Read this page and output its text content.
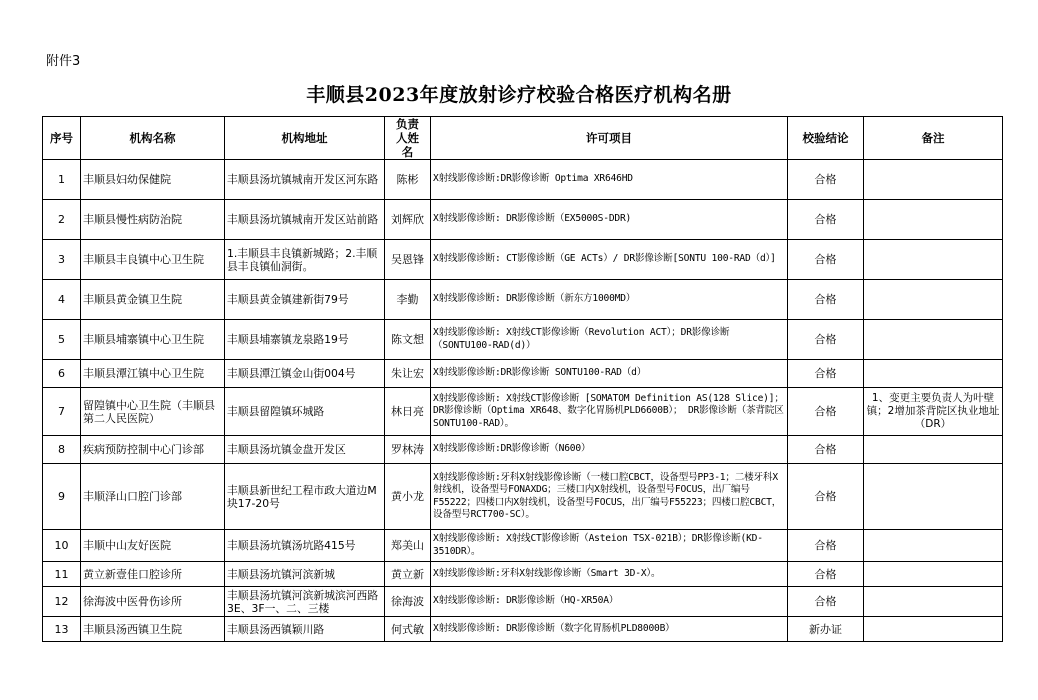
附件3
丰顺县2023年度放射诊疗校验合格医疗机构名册
序号	机构名称	机构地址	负责人姓名	许可项目	校验结论	备注
1	丰顺县妇幼保健院	丰顺县汤坑镇城南开发区河东路	陈彬	X射线影像诊断:DR影像诊断 Optima XR646HD	合格	
2	丰顺县慢性病防治院	丰顺县汤坑镇城南开发区站前路	刘辉欣	X射线影像诊断: DR影像诊断（EX5000S-DDR)	合格	
3	丰顺县丰良镇中心卫生院	1.丰顺县丰良镇新城路；2.丰顺县丰良镇仙洞街。	吴恩锋	X射线影像诊断: CT影像诊断（GE ACTs）/ DR影像诊断[SONTU 100-RAD（d）]	合格	
4	丰顺县黄金镇卫生院	丰顺县黄金镇建新街79号	李勤	X射线影像诊断: DR影像诊断（新东方1000MD）	合格	
5	丰顺县埔寨镇中心卫生院	丰顺县埔寨镇龙泉路19号	陈文想	X射线影像诊断: X射线CT影像诊断（Revolution ACT）；DR影像诊断（SONTU100-RAD(d)）	合格	
6	丰顺县潭江镇中心卫生院	丰顺县潭江镇金山街004号	朱让宏	X射线影像诊断:DR影像诊断 SONTU100-RAD（d）	合格	
7	留隍镇中心卫生院（丰顺县第二人民医院）	丰顺县留隍镇环城路	林日亮	X射线影像诊断: X射线CT影像诊断 [SOMATOM Definition AS(128 Slice)]； DR影像诊断（Optima XR648、数字化胃肠机PLD6600B）； DR影像诊断（茶背院区 SONTU100-RAD）。	合格	1、变更主要负责人为叶壁镇；2增加茶背院区执业地址（DR）
8	疾病预防控制中心门诊部	丰顺县汤坑镇金盘开发区	罗林涛	X射线影像诊断:DR影像诊断（N600）	合格	
9	丰顺泽山口腔门诊部	丰顺县新世纪工程市政大道边M块17-20号	黄小龙	X射线影像诊断:牙科X射线影像诊断（一楼口腔CBCT，设备型号PP3-1；二楼牙科X射线机，设备型号FONAXDG；三楼口内X射线机，设备型号FOCUS，出厂编号F55222；四楼口内X射线机，设备型号FOCUS，出厂编号F55223；四楼口腔CBCT，设备型号RCT700-SC）。	合格	
10	丰顺中山友好医院	丰顺县汤坑镇汤坑路415号	郑美山	X射线影像诊断: X射线CT影像诊断（Asteion TSX-021B）；DR影像诊断(KD-3510DR）。	合格	
11	黄立新壹佳口腔诊所	丰顺县汤坑镇河滨新城	黄立新	X射线影像诊断:牙科X射线影像诊断（Smart 3D-X）。	合格	
12	徐海波中医骨伤诊所	丰顺县汤坑镇河滨新城滨河西路3E、3F一、二、三楼	徐海波	X射线影像诊断: DR影像诊断（HQ-XR50A）	合格	
13	丰顺县汤西镇卫生院	丰顺县汤西镇颖川路	何式敏	X射线影像诊断: DR影像诊断（数字化胃肠机PLD8000B）	新办证	
